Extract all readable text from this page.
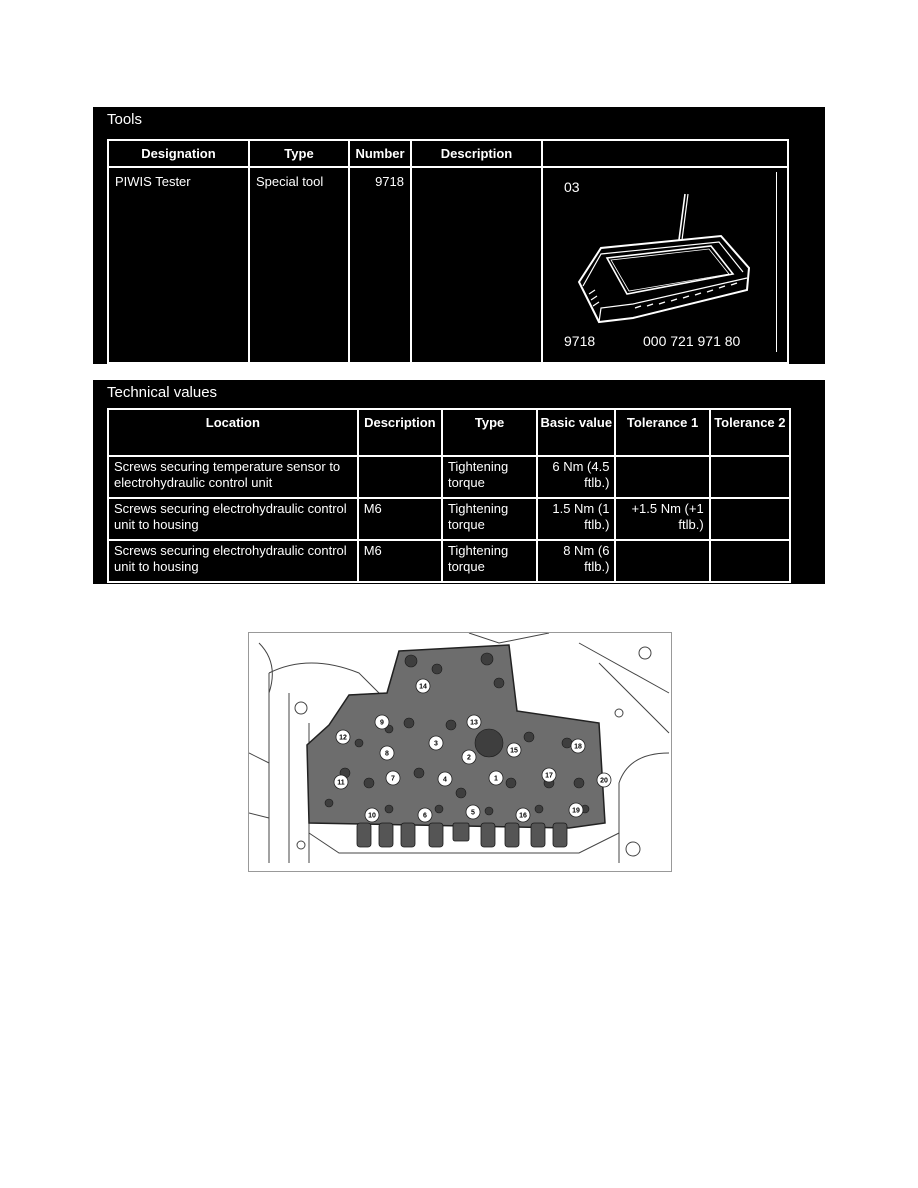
Tools
Designation	Type	Number	Description	
PIWIS Tester	Special tool	9718		03
9718 000 721 971 80
Technical values
Location	Description	Type	Basic value	Tolerance 1	Tolerance 2
Screws securing temperature sensor to electrohydraulic control unit		Tightening torque	6 Nm (4.5 ftlb.)		
Screws securing electrohydraulic control unit to housing	M6	Tightening torque	1.5 Nm (1 ftlb.)	+1.5 Nm (+1 ftlb.)	
Screws securing electrohydraulic control unit to housing	M6	Tightening torque	8 Nm (6 ftlb.)		
14
9	13
12
3	18
8
2
15
11
7	4	1	17
20
10	6	5	16
19
